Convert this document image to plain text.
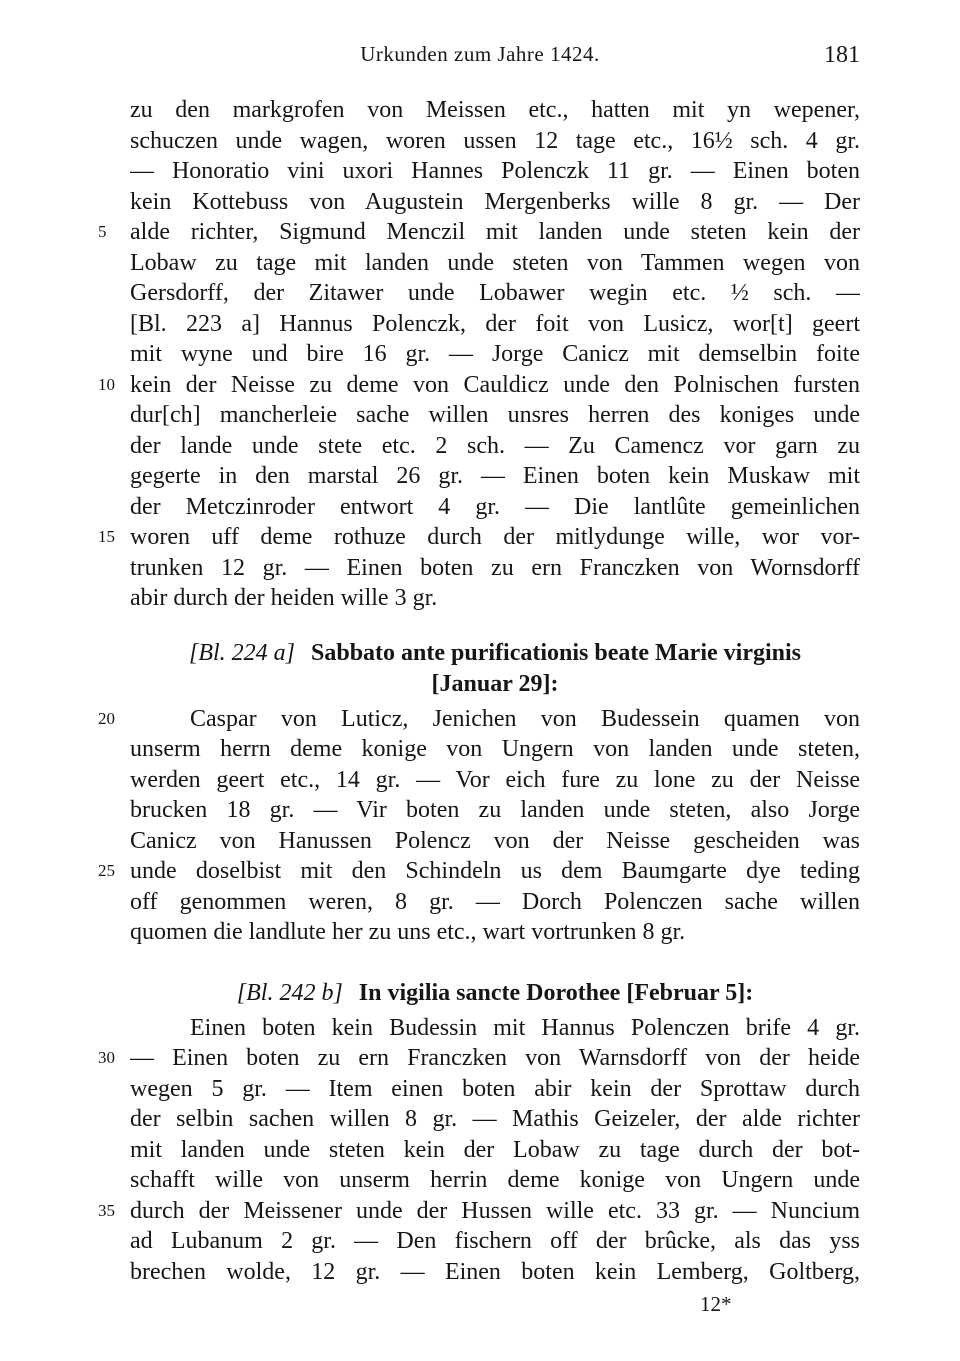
Urkunden zum Jahre 1424.	181
zu den markgrofen von Meissen etc., hatten mit yn wepener,
schuczen unde wagen, woren ussen 12 tage etc., 16½ sch. 4 gr.
— Honoratio vini uxori Hannes Polenczk 11 gr. — Einen boten
kein Kottebuss von Augustein Mergenberks wille 8 gr. — Der
alde richter, Sigmund Menczil mit landen unde steten kein der
Lobaw zu tage mit landen unde steten von Tammen wegen von
Gersdorff, der Zitawer unde Lobawer wegin etc. ½ sch. —
[Bl. 223 a] Hannus Polenczk, der foit von Lusicz, wor[t] geert
mit wyne und bire 16 gr. — Jorge Canicz mit demselbin foite
kein der Neisse zu deme von Cauldicz unde den Polnischen fursten
dur[ch] mancherleie sache willen unsres herren des koniges unde
der lande unde stete etc. 2 sch. — Zu Camencz vor garn zu
gegerte in den marstal 26 gr. — Einen boten kein Muskaw mit
der Metczinroder entwort 4 gr. — Die lantlûte gemeinlichen
woren uff deme rothuze durch der mitlydunge wille, wor vor-
trunken 12 gr. — Einen boten zu ern Franczken von Wornsdorff
abir durch der heiden wille 3 gr.
[Bl. 224 a] Sabbato ante purificationis beate Marie virginis
[Januar 29]:
Caspar von Luticz, Jenichen von Budessein quamen von
unserm herrn deme konige von Ungern von landen unde steten,
werden geert etc., 14 gr. — Vor eich fure zu lone zu der Neisse
brucken 18 gr. — Vir boten zu landen unde steten, also Jorge
Canicz von Hanussen Polencz von der Neisse gescheiden was
unde doselbist mit den Schindeln us dem Baumgarte dye teding
off genommen weren, 8 gr. — Dorch Polenczen sache willen
quomen die landlute her zu uns etc., wart vortrunken 8 gr.
[Bl. 242 b] In vigilia sancte Dorothee [Februar 5]:
Einen boten kein Budessin mit Hannus Polenczen brife 4 gr.
— Einen boten zu ern Franczken von Warnsdorff von der heide
wegen 5 gr. — Item einen boten abir kein der Sprottaw durch
der selbin sachen willen 8 gr. — Mathis Geizeler, der alde richter
mit landen unde steten kein der Lobaw zu tage durch der bot-
schafft wille von unserm herrin deme konige von Ungern unde
durch der Meissener unde der Hussen wille etc. 33 gr. — Nuncium
ad Lubanum 2 gr. — Den fischern off der brûcke, als das yss
brechen wolde, 12 gr. — Einen boten kein Lemberg, Goltberg,
5
10
15
20
25
30
35
12*
